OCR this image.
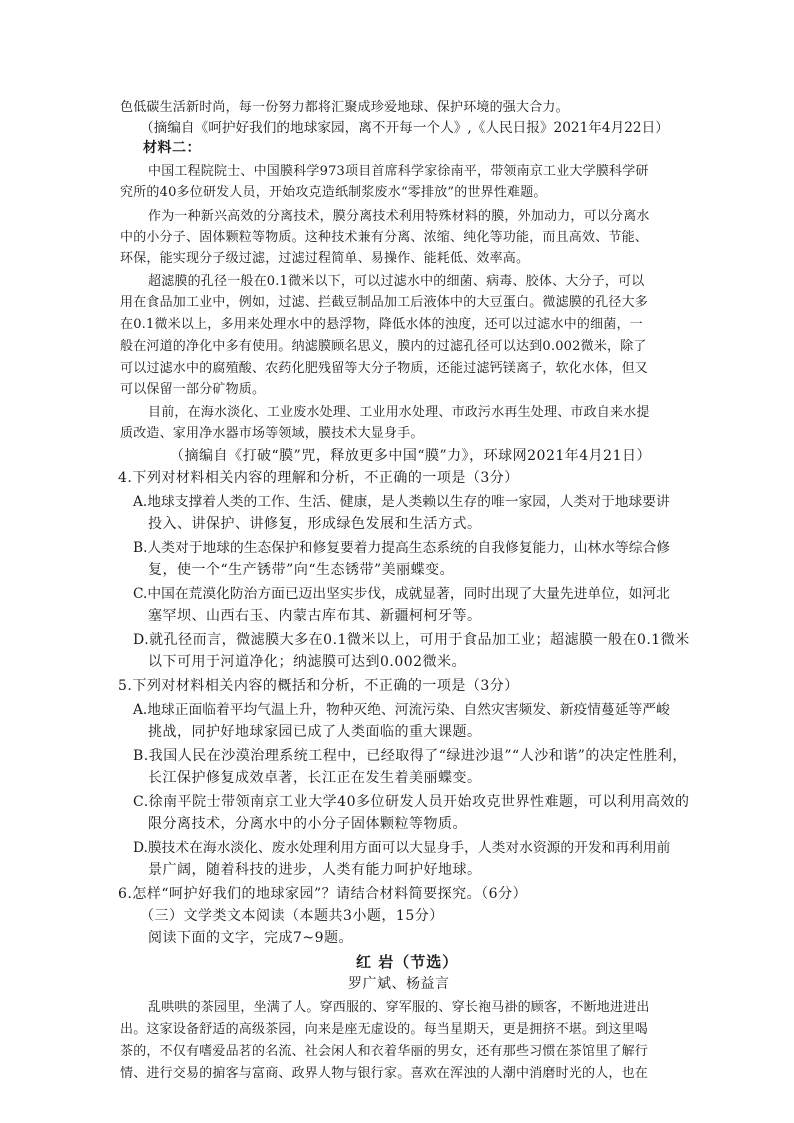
色低碳生活新时尚，每一份努力都将汇聚成珍爱地球、保护环境的强大合力。
（摘编自《呵护好我们的地球家园，离不开每一个人》,《人民日报》2021年4月22日）
材料二：
中国工程院院士、中国膜科学973项目首席科学家徐南平，带领南京工业大学膜科学研
究所的40多位研发人员，开始攻克造纸制浆废水“零排放”的世界性难题。
作为一种新兴高效的分离技术，膜分离技术利用特殊材料的膜，外加动力，可以分离水
中的小分子、固体颗粒等物质。这种技术兼有分离、浓缩、纯化等功能，而且高效、节能、
环保，能实现分子级过滤，过滤过程简单、易操作、能耗低、效率高。
超滤膜的孔径一般在0.1微米以下，可以过滤水中的细菌、病毒、胶体、大分子，可以
用在食品加工业中，例如，过滤、拦截豆制品加工后液体中的大豆蛋白。微滤膜的孔径大多
在0.1微米以上，多用来处理水中的悬浮物，降低水体的浊度，还可以过滤水中的细菌，一
般在河道的净化中多有使用。纳滤膜顾名思义，膜内的过滤孔径可以达到0.002微米，除了
可以过滤水中的腐殖酸、农药化肥残留等大分子物质，还能过滤钙镁离子，软化水体，但又
可以保留一部分矿物质。
目前，在海水淡化、工业废水处理、工业用水处理、市政污水再生处理、市政自来水提
质改造、家用净水器市场等领域，膜技术大显身手。
（摘编自《打破“膜”咒，释放更多中国“膜”力》，环球网2021年4月21日）
4.下列对材料相关内容的理解和分析，不正确的一项是（3分）
A.地球支撑着人类的工作、生活、健康，是人类赖以生存的唯一家园，人类对于地球要讲
投入、讲保护、讲修复，形成绿色发展和生活方式。
B.人类对于地球的生态保护和修复要着力提高生态系统的自我修复能力，山林水等综合修
复，使一个“生产锈带”向“生态锈带”美丽蝶变。
C.中国在荒漠化防治方面已迈出坚实步伐，成就显著，同时出现了大量先进单位，如河北
塞罕坝、山西右玉、内蒙古库布其、新疆柯柯牙等。
D.就孔径而言，微滤膜大多在0.1微米以上，可用于食品加工业；超滤膜一般在0.1微米
以下可用于河道净化；纳滤膜可达到0.002微米。
5.下列对材料相关内容的概括和分析，不正确的一项是（3分）
A.地球正面临着平均气温上升，物种灭绝、河流污染、自然灾害频发、新疫情蔓延等严峻
挑战，同护好地球家园已成了人类面临的重大课题。
B.我国人民在沙漠治理系统工程中，已经取得了“绿进沙退”“人沙和谐”的决定性胜利，
长江保护修复成效卓著，长江正在发生着美丽蝶变。
C.徐南平院士带领南京工业大学40多位研发人员开始攻克世界性难题，可以利用高效的
限分离技术，分离水中的小分子固体颗粒等物质。
D.膜技术在海水淡化、废水处理利用方面可以大显身手，人类对水资源的开发和再利用前
景广阔，随着科技的进步，人类有能力呵护好地球。
6.怎样“呵护好我们的地球家园”？请结合材料简要探究。（6分）
（三）文学类文本阅读（本题共3小题，15分）
阅读下面的文字，完成7~9题。
红 岩（节选）
罗广斌、杨益言
乱哄哄的茶园里，坐满了人。穿西服的、穿军服的、穿长袍马褂的顾客，不断地进进出
出。这家设备舒适的高级茶园，向来是座无虚设的。每当星期天，更是拥挤不堪。到这里喝
茶的，不仅有嗜爱品茗的名流、社会闲人和衣着华丽的男女，还有那些习惯在茶馆里了解行
情、进行交易的掮客与富商、政界人物与银行家。喜欢在浑浊的人潮中消磨时光的人，也在
